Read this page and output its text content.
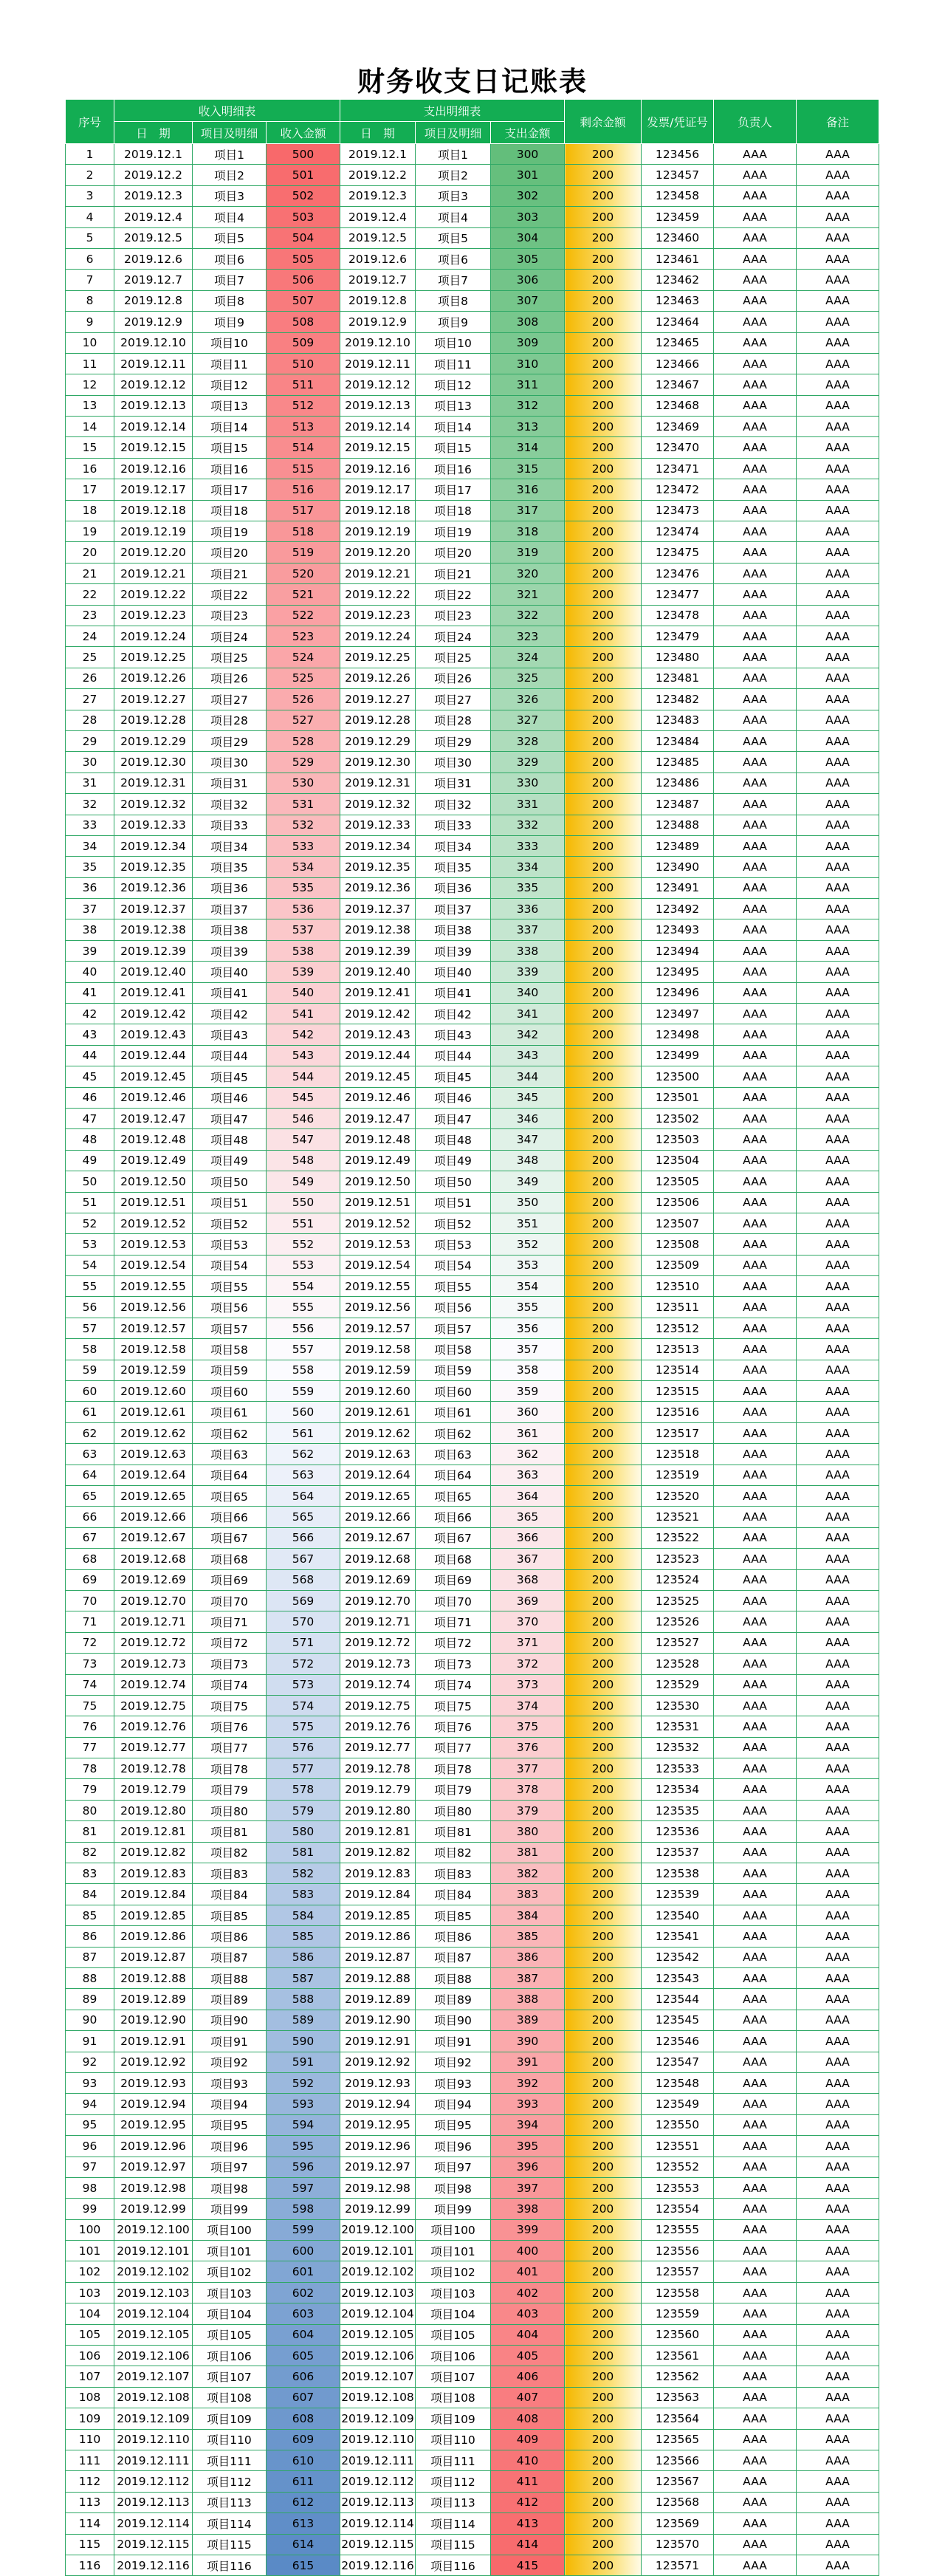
财务收支日记账表
序号	收入明细表			支出明细表			剩余金额	发票/凭证号	负责人	备注
	日　期	项目及明细	收入金额	日　期	项目及明细	支出金额				
1	2019.12.1	项目1	500	2019.12.1	项目1	300	200	123456	AAA	AAA
2	2019.12.2	项目2	501	2019.12.2	项目2	301	200	123457	AAA	AAA
3	2019.12.3	项目3	502	2019.12.3	项目3	302	200	123458	AAA	AAA
4	2019.12.4	项目4	503	2019.12.4	项目4	303	200	123459	AAA	AAA
5	2019.12.5	项目5	504	2019.12.5	项目5	304	200	123460	AAA	AAA
6	2019.12.6	项目6	505	2019.12.6	项目6	305	200	123461	AAA	AAA
7	2019.12.7	项目7	506	2019.12.7	项目7	306	200	123462	AAA	AAA
8	2019.12.8	项目8	507	2019.12.8	项目8	307	200	123463	AAA	AAA
9	2019.12.9	项目9	508	2019.12.9	项目9	308	200	123464	AAA	AAA
10	2019.12.10	项目10	509	2019.12.10	项目10	309	200	123465	AAA	AAA
11	2019.12.11	项目11	510	2019.12.11	项目11	310	200	123466	AAA	AAA
12	2019.12.12	项目12	511	2019.12.12	项目12	311	200	123467	AAA	AAA
13	2019.12.13	项目13	512	2019.12.13	项目13	312	200	123468	AAA	AAA
14	2019.12.14	项目14	513	2019.12.14	项目14	313	200	123469	AAA	AAA
15	2019.12.15	项目15	514	2019.12.15	项目15	314	200	123470	AAA	AAA
16	2019.12.16	项目16	515	2019.12.16	项目16	315	200	123471	AAA	AAA
17	2019.12.17	项目17	516	2019.12.17	项目17	316	200	123472	AAA	AAA
18	2019.12.18	项目18	517	2019.12.18	项目18	317	200	123473	AAA	AAA
19	2019.12.19	项目19	518	2019.12.19	项目19	318	200	123474	AAA	AAA
20	2019.12.20	项目20	519	2019.12.20	项目20	319	200	123475	AAA	AAA
21	2019.12.21	项目21	520	2019.12.21	项目21	320	200	123476	AAA	AAA
22	2019.12.22	项目22	521	2019.12.22	项目22	321	200	123477	AAA	AAA
23	2019.12.23	项目23	522	2019.12.23	项目23	322	200	123478	AAA	AAA
24	2019.12.24	项目24	523	2019.12.24	项目24	323	200	123479	AAA	AAA
25	2019.12.25	项目25	524	2019.12.25	项目25	324	200	123480	AAA	AAA
26	2019.12.26	项目26	525	2019.12.26	项目26	325	200	123481	AAA	AAA
27	2019.12.27	项目27	526	2019.12.27	项目27	326	200	123482	AAA	AAA
28	2019.12.28	项目28	527	2019.12.28	项目28	327	200	123483	AAA	AAA
29	2019.12.29	项目29	528	2019.12.29	项目29	328	200	123484	AAA	AAA
30	2019.12.30	项目30	529	2019.12.30	项目30	329	200	123485	AAA	AAA
31	2019.12.31	项目31	530	2019.12.31	项目31	330	200	123486	AAA	AAA
32	2019.12.32	项目32	531	2019.12.32	项目32	331	200	123487	AAA	AAA
33	2019.12.33	项目33	532	2019.12.33	项目33	332	200	123488	AAA	AAA
34	2019.12.34	项目34	533	2019.12.34	项目34	333	200	123489	AAA	AAA
35	2019.12.35	项目35	534	2019.12.35	项目35	334	200	123490	AAA	AAA
36	2019.12.36	项目36	535	2019.12.36	项目36	335	200	123491	AAA	AAA
37	2019.12.37	项目37	536	2019.12.37	项目37	336	200	123492	AAA	AAA
38	2019.12.38	项目38	537	2019.12.38	项目38	337	200	123493	AAA	AAA
39	2019.12.39	项目39	538	2019.12.39	项目39	338	200	123494	AAA	AAA
40	2019.12.40	项目40	539	2019.12.40	项目40	339	200	123495	AAA	AAA
41	2019.12.41	项目41	540	2019.12.41	项目41	340	200	123496	AAA	AAA
42	2019.12.42	项目42	541	2019.12.42	项目42	341	200	123497	AAA	AAA
43	2019.12.43	项目43	542	2019.12.43	项目43	342	200	123498	AAA	AAA
44	2019.12.44	项目44	543	2019.12.44	项目44	343	200	123499	AAA	AAA
45	2019.12.45	项目45	544	2019.12.45	项目45	344	200	123500	AAA	AAA
46	2019.12.46	项目46	545	2019.12.46	项目46	345	200	123501	AAA	AAA
47	2019.12.47	项目47	546	2019.12.47	项目47	346	200	123502	AAA	AAA
48	2019.12.48	项目48	547	2019.12.48	项目48	347	200	123503	AAA	AAA
49	2019.12.49	项目49	548	2019.12.49	项目49	348	200	123504	AAA	AAA
50	2019.12.50	项目50	549	2019.12.50	项目50	349	200	123505	AAA	AAA
51	2019.12.51	项目51	550	2019.12.51	项目51	350	200	123506	AAA	AAA
52	2019.12.52	项目52	551	2019.12.52	项目52	351	200	123507	AAA	AAA
53	2019.12.53	项目53	552	2019.12.53	项目53	352	200	123508	AAA	AAA
54	2019.12.54	项目54	553	2019.12.54	项目54	353	200	123509	AAA	AAA
55	2019.12.55	项目55	554	2019.12.55	项目55	354	200	123510	AAA	AAA
56	2019.12.56	项目56	555	2019.12.56	项目56	355	200	123511	AAA	AAA
57	2019.12.57	项目57	556	2019.12.57	项目57	356	200	123512	AAA	AAA
58	2019.12.58	项目58	557	2019.12.58	项目58	357	200	123513	AAA	AAA
59	2019.12.59	项目59	558	2019.12.59	项目59	358	200	123514	AAA	AAA
60	2019.12.60	项目60	559	2019.12.60	项目60	359	200	123515	AAA	AAA
61	2019.12.61	项目61	560	2019.12.61	项目61	360	200	123516	AAA	AAA
62	2019.12.62	项目62	561	2019.12.62	项目62	361	200	123517	AAA	AAA
63	2019.12.63	项目63	562	2019.12.63	项目63	362	200	123518	AAA	AAA
64	2019.12.64	项目64	563	2019.12.64	项目64	363	200	123519	AAA	AAA
65	2019.12.65	项目65	564	2019.12.65	项目65	364	200	123520	AAA	AAA
66	2019.12.66	项目66	565	2019.12.66	项目66	365	200	123521	AAA	AAA
67	2019.12.67	项目67	566	2019.12.67	项目67	366	200	123522	AAA	AAA
68	2019.12.68	项目68	567	2019.12.68	项目68	367	200	123523	AAA	AAA
69	2019.12.69	项目69	568	2019.12.69	项目69	368	200	123524	AAA	AAA
70	2019.12.70	项目70	569	2019.12.70	项目70	369	200	123525	AAA	AAA
71	2019.12.71	项目71	570	2019.12.71	项目71	370	200	123526	AAA	AAA
72	2019.12.72	项目72	571	2019.12.72	项目72	371	200	123527	AAA	AAA
73	2019.12.73	项目73	572	2019.12.73	项目73	372	200	123528	AAA	AAA
74	2019.12.74	项目74	573	2019.12.74	项目74	373	200	123529	AAA	AAA
75	2019.12.75	项目75	574	2019.12.75	项目75	374	200	123530	AAA	AAA
76	2019.12.76	项目76	575	2019.12.76	项目76	375	200	123531	AAA	AAA
77	2019.12.77	项目77	576	2019.12.77	项目77	376	200	123532	AAA	AAA
78	2019.12.78	项目78	577	2019.12.78	项目78	377	200	123533	AAA	AAA
79	2019.12.79	项目79	578	2019.12.79	项目79	378	200	123534	AAA	AAA
80	2019.12.80	项目80	579	2019.12.80	项目80	379	200	123535	AAA	AAA
81	2019.12.81	项目81	580	2019.12.81	项目81	380	200	123536	AAA	AAA
82	2019.12.82	项目82	581	2019.12.82	项目82	381	200	123537	AAA	AAA
83	2019.12.83	项目83	582	2019.12.83	项目83	382	200	123538	AAA	AAA
84	2019.12.84	项目84	583	2019.12.84	项目84	383	200	123539	AAA	AAA
85	2019.12.85	项目85	584	2019.12.85	项目85	384	200	123540	AAA	AAA
86	2019.12.86	项目86	585	2019.12.86	项目86	385	200	123541	AAA	AAA
87	2019.12.87	项目87	586	2019.12.87	项目87	386	200	123542	AAA	AAA
88	2019.12.88	项目88	587	2019.12.88	项目88	387	200	123543	AAA	AAA
89	2019.12.89	项目89	588	2019.12.89	项目89	388	200	123544	AAA	AAA
90	2019.12.90	项目90	589	2019.12.90	项目90	389	200	123545	AAA	AAA
91	2019.12.91	项目91	590	2019.12.91	项目91	390	200	123546	AAA	AAA
92	2019.12.92	项目92	591	2019.12.92	项目92	391	200	123547	AAA	AAA
93	2019.12.93	项目93	592	2019.12.93	项目93	392	200	123548	AAA	AAA
94	2019.12.94	项目94	593	2019.12.94	项目94	393	200	123549	AAA	AAA
95	2019.12.95	项目95	594	2019.12.95	项目95	394	200	123550	AAA	AAA
96	2019.12.96	项目96	595	2019.12.96	项目96	395	200	123551	AAA	AAA
97	2019.12.97	项目97	596	2019.12.97	项目97	396	200	123552	AAA	AAA
98	2019.12.98	项目98	597	2019.12.98	项目98	397	200	123553	AAA	AAA
99	2019.12.99	项目99	598	2019.12.99	项目99	398	200	123554	AAA	AAA
100	2019.12.100	项目100	599	2019.12.100	项目100	399	200	123555	AAA	AAA
101	2019.12.101	项目101	600	2019.12.101	项目101	400	200	123556	AAA	AAA
102	2019.12.102	项目102	601	2019.12.102	项目102	401	200	123557	AAA	AAA
103	2019.12.103	项目103	602	2019.12.103	项目103	402	200	123558	AAA	AAA
104	2019.12.104	项目104	603	2019.12.104	项目104	403	200	123559	AAA	AAA
105	2019.12.105	项目105	604	2019.12.105	项目105	404	200	123560	AAA	AAA
106	2019.12.106	项目106	605	2019.12.106	项目106	405	200	123561	AAA	AAA
107	2019.12.107	项目107	606	2019.12.107	项目107	406	200	123562	AAA	AAA
108	2019.12.108	项目108	607	2019.12.108	项目108	407	200	123563	AAA	AAA
109	2019.12.109	项目109	608	2019.12.109	项目109	408	200	123564	AAA	AAA
110	2019.12.110	项目110	609	2019.12.110	项目110	409	200	123565	AAA	AAA
111	2019.12.111	项目111	610	2019.12.111	项目111	410	200	123566	AAA	AAA
112	2019.12.112	项目112	611	2019.12.112	项目112	411	200	123567	AAA	AAA
113	2019.12.113	项目113	612	2019.12.113	项目113	412	200	123568	AAA	AAA
114	2019.12.114	项目114	613	2019.12.114	项目114	413	200	123569	AAA	AAA
115	2019.12.115	项目115	614	2019.12.115	项目115	414	200	123570	AAA	AAA
116	2019.12.116	项目116	615	2019.12.116	项目116	415	200	123571	AAA	AAA
